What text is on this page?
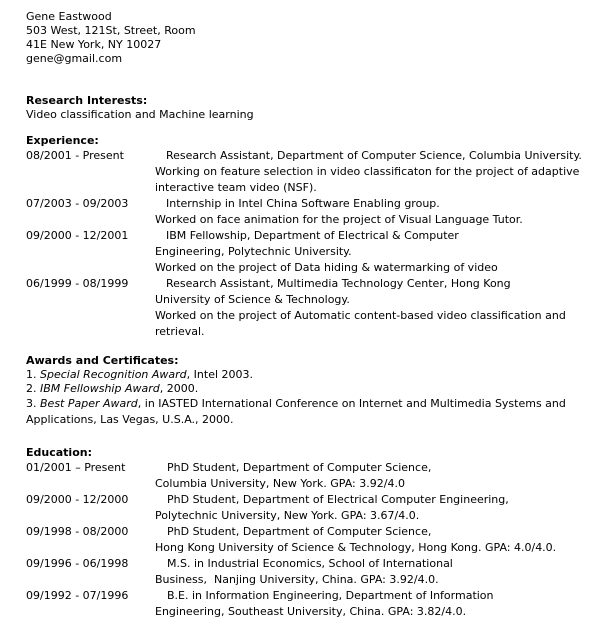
Gene Eastwood
503 West, 121St, Street, Room
41E New York, NY 10027
gene@gmail.com
Research Interests:
Video classification and Machine learning
Experience:
08/2001 - Present	Research Assistant, Department of Computer Science, Columbia University.
Working on feature selection in video classificaton for the project of adaptive
interactive team video (NSF).
07/2003 - 09/2003	Internship in Intel China Software Enabling group.
Worked on face animation for the project of Visual Language Tutor.
09/2000 - 12/2001	IBM Fellowship, Department of Electrical & Computer
Engineering, Polytechnic University.
Worked on the project of Data hiding & watermarking of video
06/1999 - 08/1999	Research Assistant, Multimedia Technology Center, Hong Kong
University of Science & Technology.
Worked on the project of Automatic content-based video classification and
retrieval.
Awards and Certificates:
1. Special Recognition Award, Intel 2003.
2. IBM Fellowship Award, 2000.
3. Best Paper Award, in IASTED International Conference on Internet and Multimedia Systems and
Applications, Las Vegas, U.S.A., 2000.
Education:
01/2001 – Present	PhD Student, Department of Computer Science,
Columbia University, New York. GPA: 3.92/4.0
09/2000 - 12/2000	PhD Student, Department of Electrical Computer Engineering,
Polytechnic University, New York. GPA: 3.67/4.0.
09/1998 - 08/2000	PhD Student, Department of Computer Science,
Hong Kong University of Science & Technology, Hong Kong. GPA: 4.0/4.0.
09/1996 - 06/1998	M.S. in Industrial Economics, School of International
Business,  Nanjing University, China. GPA: 3.92/4.0.
09/1992 - 07/1996	B.E. in Information Engineering, Department of Information
Engineering, Southeast University, China. GPA: 3.82/4.0.
